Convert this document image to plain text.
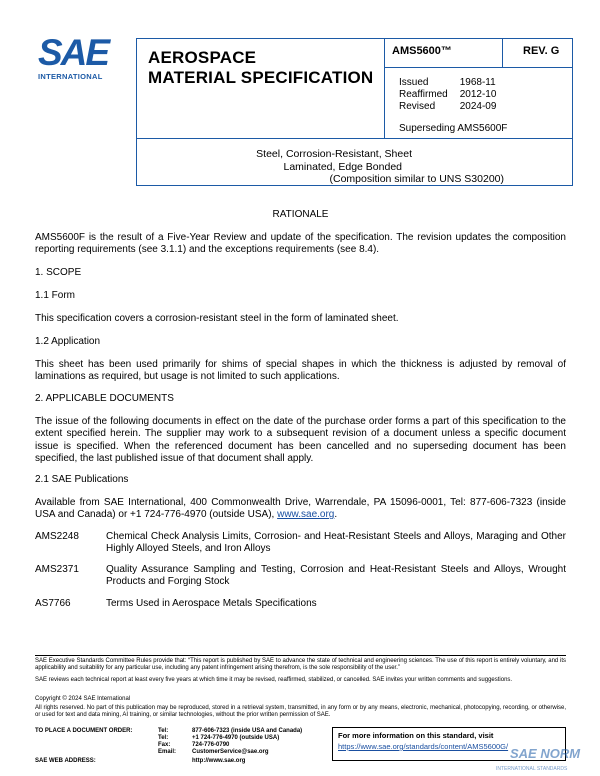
SAE
INTERNATIONAL
AEROSPACE
MATERIAL SPECIFICATION
AMS5600™	REV. G
Issued	1968-11
Reaffirmed	2012-10
Revised	2024-09
Superseding AMS5600F
Steel, Corrosion-Resistant, Sheet
Laminated, Edge Bonded
(Composition similar to UNS S30200)
RATIONALE
AMS5600F is the result of a Five-Year Review and update of the specification. The revision updates the composition reporting requirements (see 3.1.1) and the exceptions requirements (see 8.4).
1. SCOPE
1.1 Form
This specification covers a corrosion-resistant steel in the form of laminated sheet.
1.2 Application
This sheet has been used primarily for shims of special shapes in which the thickness is adjusted by removal of laminations as required, but usage is not limited to such applications.
2. APPLICABLE DOCUMENTS
The issue of the following documents in effect on the date of the purchase order forms a part of this specification to the extent specified herein. The supplier may work to a subsequent revision of a document unless a specific document issue is specified. When the referenced document has been cancelled and no superseding document has been specified, the last published issue of that document shall apply.
2.1 SAE Publications
Available from SAE International, 400 Commonwealth Drive, Warrendale, PA 15096-0001, Tel: 877-606-7323 (inside USA and Canada) or +1 724-776-4970 (outside USA), www.sae.org.
AMS2248	Chemical Check Analysis Limits, Corrosion- and Heat-Resistant Steels and Alloys, Maraging and Other Highly Alloyed Steels, and Iron Alloys
AMS2371	Quality Assurance Sampling and Testing, Corrosion and Heat-Resistant Steels and Alloys, Wrought Products and Forging Stock
AS7766	Terms Used in Aerospace Metals Specifications
SAE Executive Standards Committee Rules provide that: “This report is published by SAE to advance the state of technical and engineering sciences. The use of this report is entirely voluntary, and its applicability and suitability for any particular use, including any patent infringement arising therefrom, is the sole responsibility of the user.”
SAE reviews each technical report at least every five years at which time it may be revised, reaffirmed, stabilized, or cancelled. SAE invites your written comments and suggestions.
Copyright © 2024 SAE International
All rights reserved. No part of this publication may be reproduced, stored in a retrieval system, transmitted, in any form or by any means, electronic, mechanical, photocopying, recording, or otherwise, or used for text and data mining, AI training, or similar technologies, without the prior written permission of SAE.
TO PLACE A DOCUMENT ORDER:	Tel:	877-606-7323 (inside USA and Canada)
Tel:	+1 724-776-4970 (outside USA)
Fax:	724-776-0790
Email:	CustomerService@sae.org
SAE WEB ADDRESS:	http://www.sae.org
For more information on this standard, visit
https://www.sae.org/standards/content/AMS5600G/ SAE NORM
INTERNATIONAL STANDARDS
